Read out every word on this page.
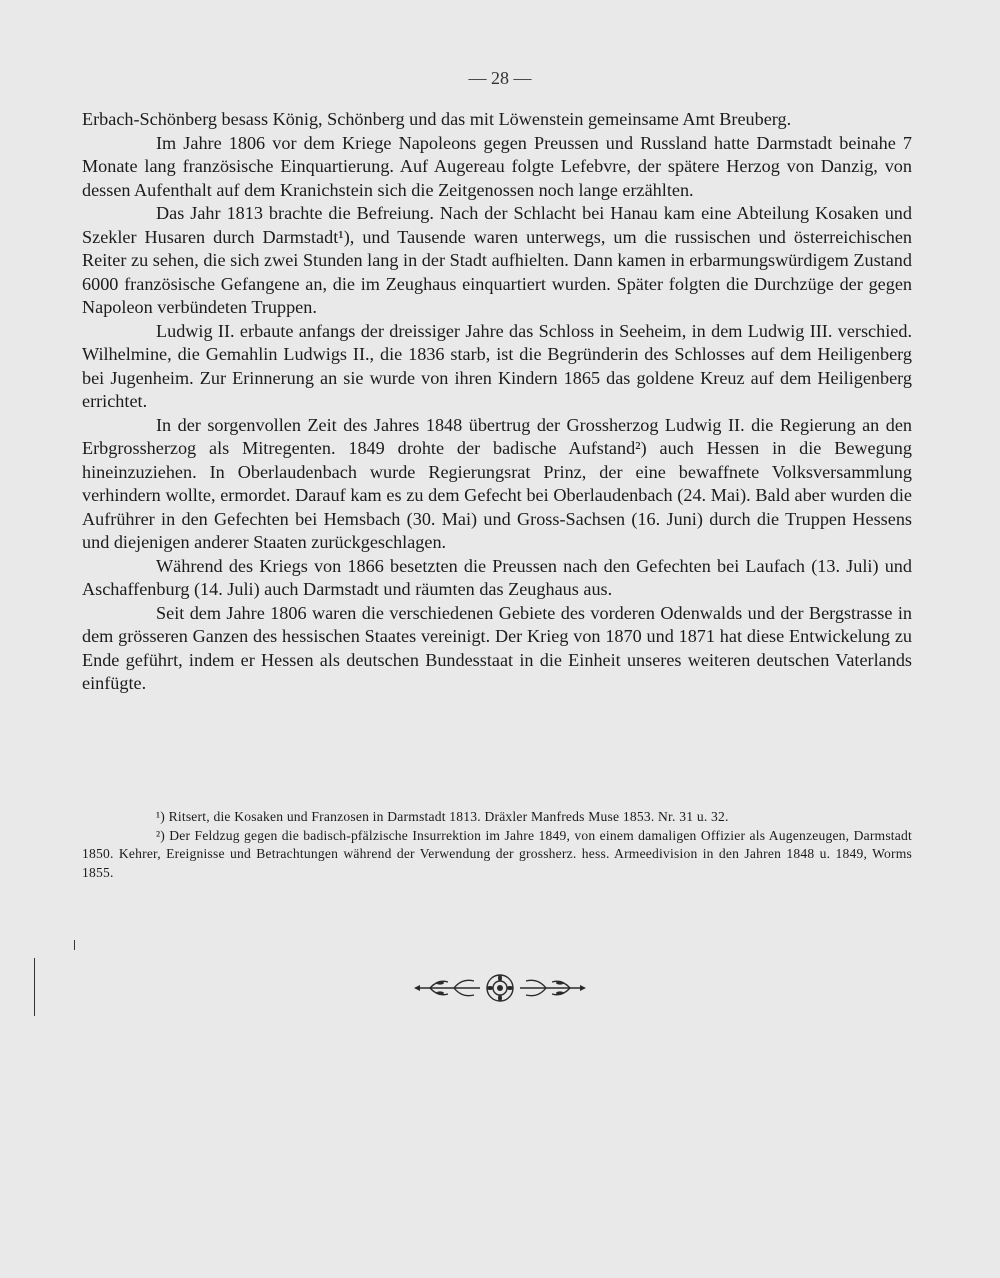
— 28 —

Erbach-Schönberg besass König, Schönberg und das mit Löwenstein gemeinsame Amt Breuberg.

Im Jahre 1806 vor dem Kriege Napoleons gegen Preussen und Russland hatte Darmstadt beinahe 7 Monate lang französische Einquartierung. Auf Augereau folgte Lefebvre, der spätere Herzog von Danzig, von dessen Aufenthalt auf dem Kranichstein sich die Zeitgenossen noch lange erzählten.

Das Jahr 1813 brachte die Befreiung. Nach der Schlacht bei Hanau kam eine Abteilung Kosaken und Szekler Husaren durch Darmstadt¹), und Tausende waren unterwegs, um die russischen und österreichischen Reiter zu sehen, die sich zwei Stunden lang in der Stadt aufhielten. Dann kamen in erbarmungswürdigem Zustand 6000 französische Gefangene an, die im Zeughaus einquartiert wurden. Später folgten die Durchzüge der gegen Napoleon verbündeten Truppen.

Ludwig II. erbaute anfangs der dreissiger Jahre das Schloss in Seeheim, in dem Ludwig III. verschied. Wilhelmine, die Gemahlin Ludwigs II., die 1836 starb, ist die Begründerin des Schlosses auf dem Heiligenberg bei Jugenheim. Zur Erinnerung an sie wurde von ihren Kindern 1865 das goldene Kreuz auf dem Heiligenberg errichtet.

In der sorgenvollen Zeit des Jahres 1848 übertrug der Grossherzog Ludwig II. die Regierung an den Erbgrossherzog als Mitregenten. 1849 drohte der badische Aufstand²) auch Hessen in die Bewegung hineinzuziehen. In Oberlaudenbach wurde Regierungsrat Prinz, der eine bewaffnete Volksversammlung verhindern wollte, ermordet. Darauf kam es zu dem Gefecht bei Oberlaudenbach (24. Mai). Bald aber wurden die Aufrührer in den Gefechten bei Hemsbach (30. Mai) und Gross-Sachsen (16. Juni) durch die Truppen Hessens und diejenigen anderer Staaten zurückgeschlagen.

Während des Kriegs von 1866 besetzten die Preussen nach den Gefechten bei Laufach (13. Juli) und Aschaffenburg (14. Juli) auch Darmstadt und räumten das Zeughaus aus.

Seit dem Jahre 1806 waren die verschiedenen Gebiete des vorderen Odenwalds und der Bergstrasse in dem grösseren Ganzen des hessischen Staates vereinigt. Der Krieg von 1870 und 1871 hat diese Entwickelung zu Ende geführt, indem er Hessen als deutschen Bundesstaat in die Einheit unseres weiteren deutschen Vaterlands einfügte.

¹) Ritsert, die Kosaken und Franzosen in Darmstadt 1813. Dräxler Manfreds Muse 1853. Nr. 31 u. 32.

²) Der Feldzug gegen die badisch-pfälzische Insurrektion im Jahre 1849, von einem damaligen Offizier als Augenzeugen, Darmstadt 1850. Kehrer, Ereignisse und Betrachtungen während der Verwendung der grossherz. hess. Armeedivision in den Jahren 1848 u. 1849, Worms 1855.
